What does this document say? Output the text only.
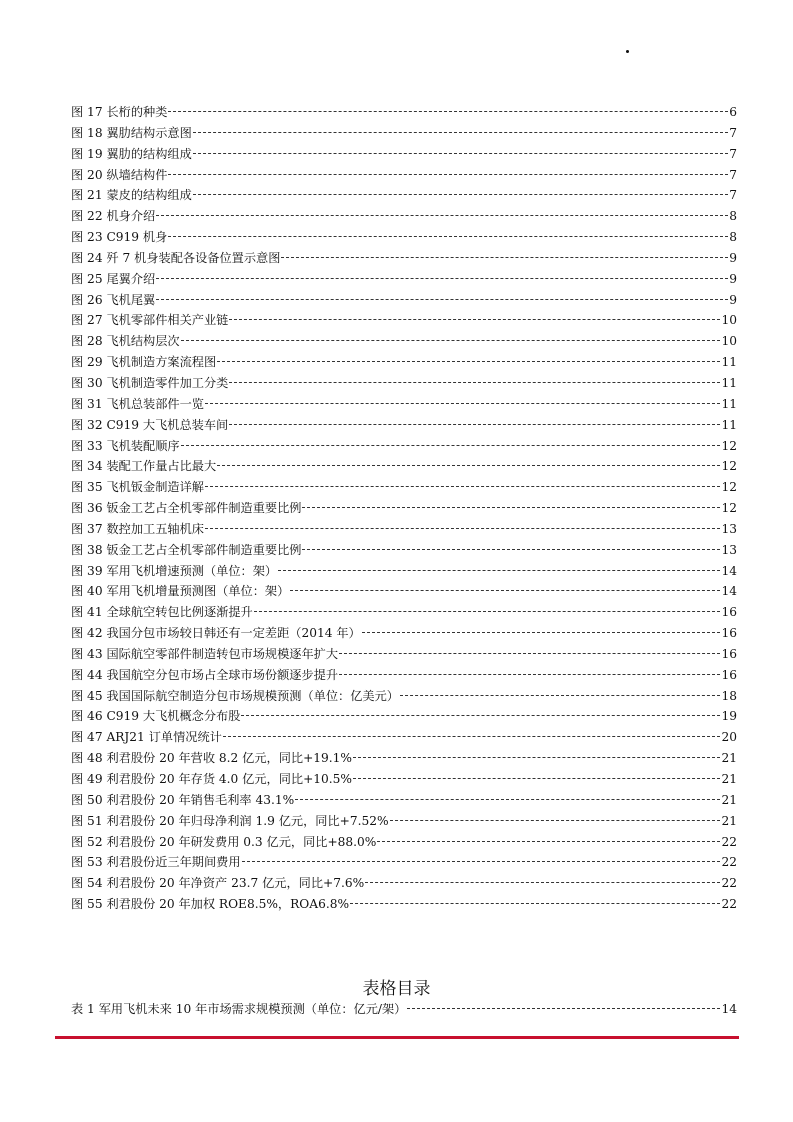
图 17 长桁的种类	6
图 18 翼肋结构示意图	7
图 19 翼肋的结构组成	7
图 20 纵墙结构件	7
图 21 蒙皮的结构组成	7
图 22 机身介绍	8
图 23 C919 机身	8
图 24 歼 7 机身装配各设备位置示意图	9
图 25 尾翼介绍	9
图 26 飞机尾翼	9
图 27 飞机零部件相关产业链	10
图 28 飞机结构层次	10
图 29 飞机制造方案流程图	11
图 30 飞机制造零件加工分类	11
图 31 飞机总装部件一览	11
图 32 C919 大飞机总装车间	11
图 33 飞机装配顺序	12
图 34 装配工作量占比最大	12
图 35 飞机钣金制造详解	12
图 36 钣金工艺占全机零部件制造重要比例	12
图 37 数控加工五轴机床	13
图 38 钣金工艺占全机零部件制造重要比例	13
图 39 军用飞机增速预测（单位：架）	14
图 40 军用飞机增量预测图（单位：架）	14
图 41 全球航空转包比例逐渐提升	16
图 42 我国分包市场较日韩还有一定差距（2014 年）	16
图 43 国际航空零部件制造转包市场规模逐年扩大	16
图 44 我国航空分包市场占全球市场份额逐步提升	16
图 45 我国国际航空制造分包市场规模预测（单位：亿美元）	18
图 46 C919 大飞机概念分布股	19
图 47 ARJ21 订单情况统计	20
图 48 利君股份 20 年营收 8.2 亿元，同比+19.1%	21
图 49 利君股份 20 年存货 4.0 亿元，同比+10.5%	21
图 50 利君股份 20 年销售毛利率 43.1%	21
图 51 利君股份 20 年归母净利润 1.9 亿元，同比+7.52%	21
图 52 利君股份 20 年研发费用 0.3 亿元，同比+88.0%	22
图 53 利君股份近三年期间费用	22
图 54 利君股份 20 年净资产 23.7 亿元，同比+7.6%	22
图 55 利君股份 20 年加权 ROE8.5%，ROA6.8%	22
表格目录
表 1 军用飞机未来 10 年市场需求规模预测（单位：亿元/架）	14
